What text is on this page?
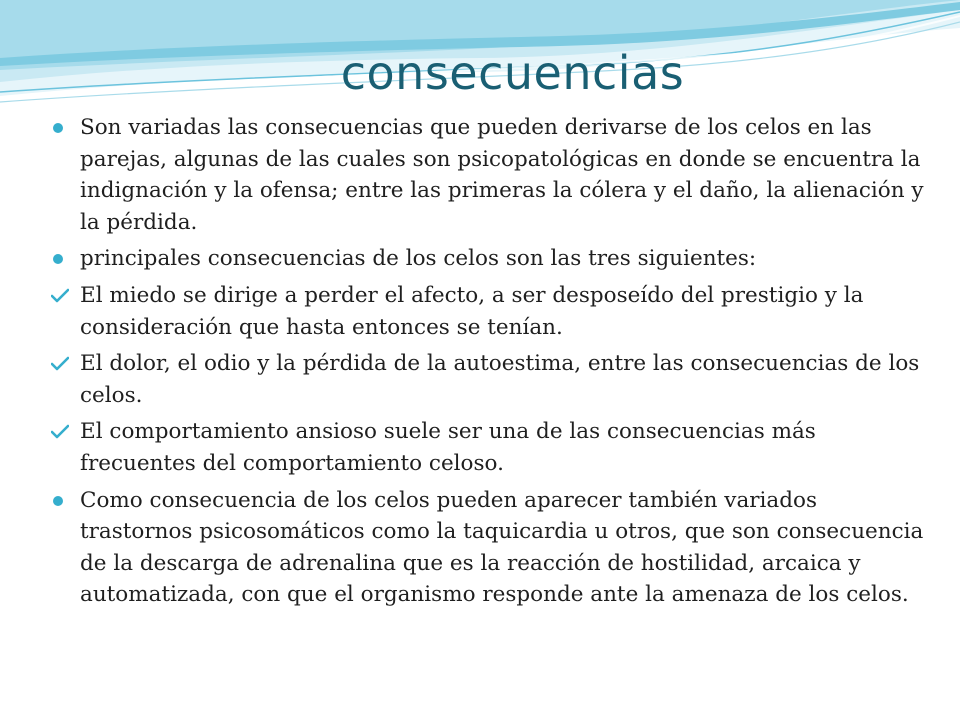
consecuencias
Son variadas las consecuencias que pueden derivarse de los celos en las parejas, algunas de las cuales son psicopatológicas en donde se encuentra la indignación y la ofensa; entre las primeras la cólera y el daño, la alienación y la pérdida.
principales consecuencias de los celos son las tres siguientes:
El miedo se dirige a perder el afecto, a ser desposeído del prestigio y la consideración que hasta entonces se tenían.
El dolor, el odio y la pérdida de la autoestima, entre las consecuencias de los celos.
El comportamiento ansioso suele ser una de las consecuencias más frecuentes del comportamiento celoso.
Como consecuencia de los celos pueden aparecer también variados trastornos psicosomáticos como la taquicardia u otros, que son consecuencia de la descarga de adrenalina que es la reacción de hostilidad, arcaica y automatizada, con que el organismo responde ante la amenaza de los celos.
